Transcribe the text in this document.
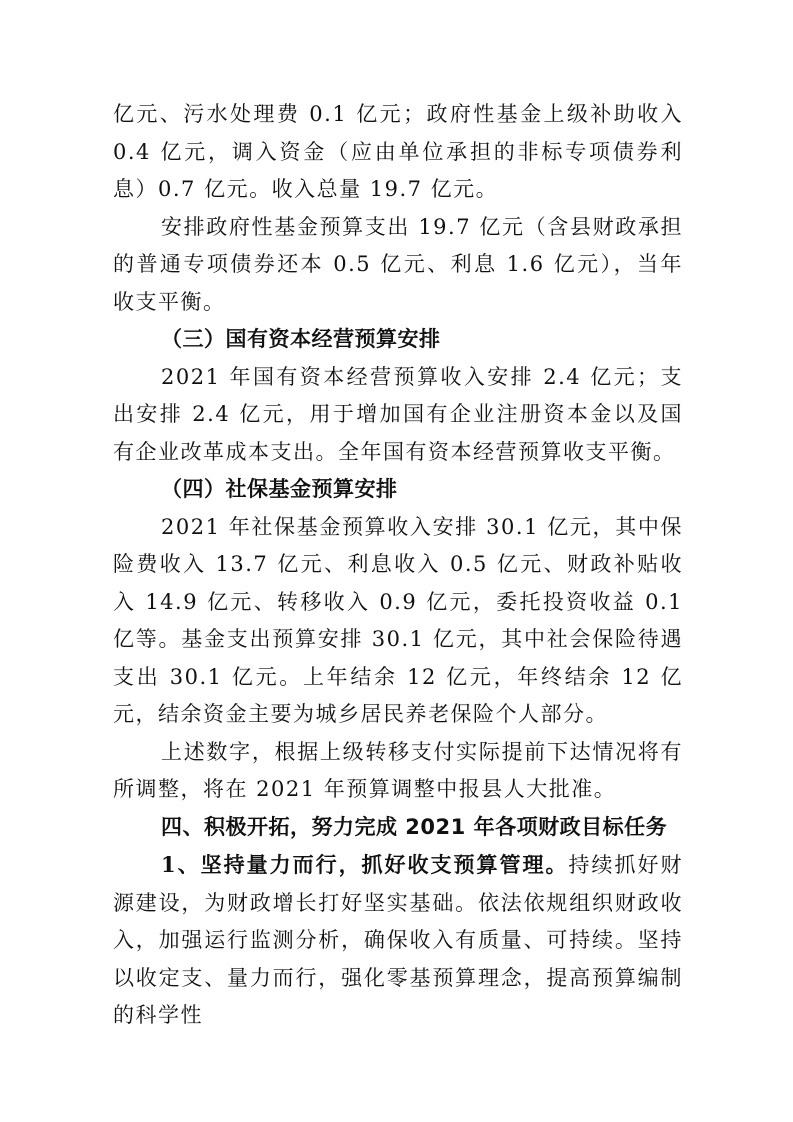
亿元、污水处理费 0.1 亿元；政府性基金上级补助收入 0.4 亿元，调入资金（应由单位承担的非标专项债券利息）0.7 亿元。收入总量 19.7 亿元。

安排政府性基金预算支出 19.7 亿元（含县财政承担的普通专项债券还本 0.5 亿元、利息 1.6 亿元），当年收支平衡。

（三）国有资本经营预算安排

2021 年国有资本经营预算收入安排 2.4 亿元；支出安排 2.4 亿元，用于增加国有企业注册资本金以及国有企业改革成本支出。全年国有资本经营预算收支平衡。

（四）社保基金预算安排

2021 年社保基金预算收入安排 30.1 亿元，其中保险费收入 13.7 亿元、利息收入 0.5 亿元、财政补贴收入 14.9 亿元、转移收入 0.9 亿元，委托投资收益 0.1 亿等。基金支出预算安排 30.1 亿元，其中社会保险待遇支出 30.1 亿元。上年结余 12 亿元，年终结余 12 亿元，结余资金主要为城乡居民养老保险个人部分。

上述数字，根据上级转移支付实际提前下达情况将有所调整，将在 2021 年预算调整中报县人大批准。

四、积极开拓，努力完成 2021 年各项财政目标任务

1、坚持量力而行，抓好收支预算管理。持续抓好财源建设，为财政增长打好坚实基础。依法依规组织财政收入，加强运行监测分析，确保收入有质量、可持续。坚持以收定支、量力而行，强化零基预算理念，提高预算编制的科学性
